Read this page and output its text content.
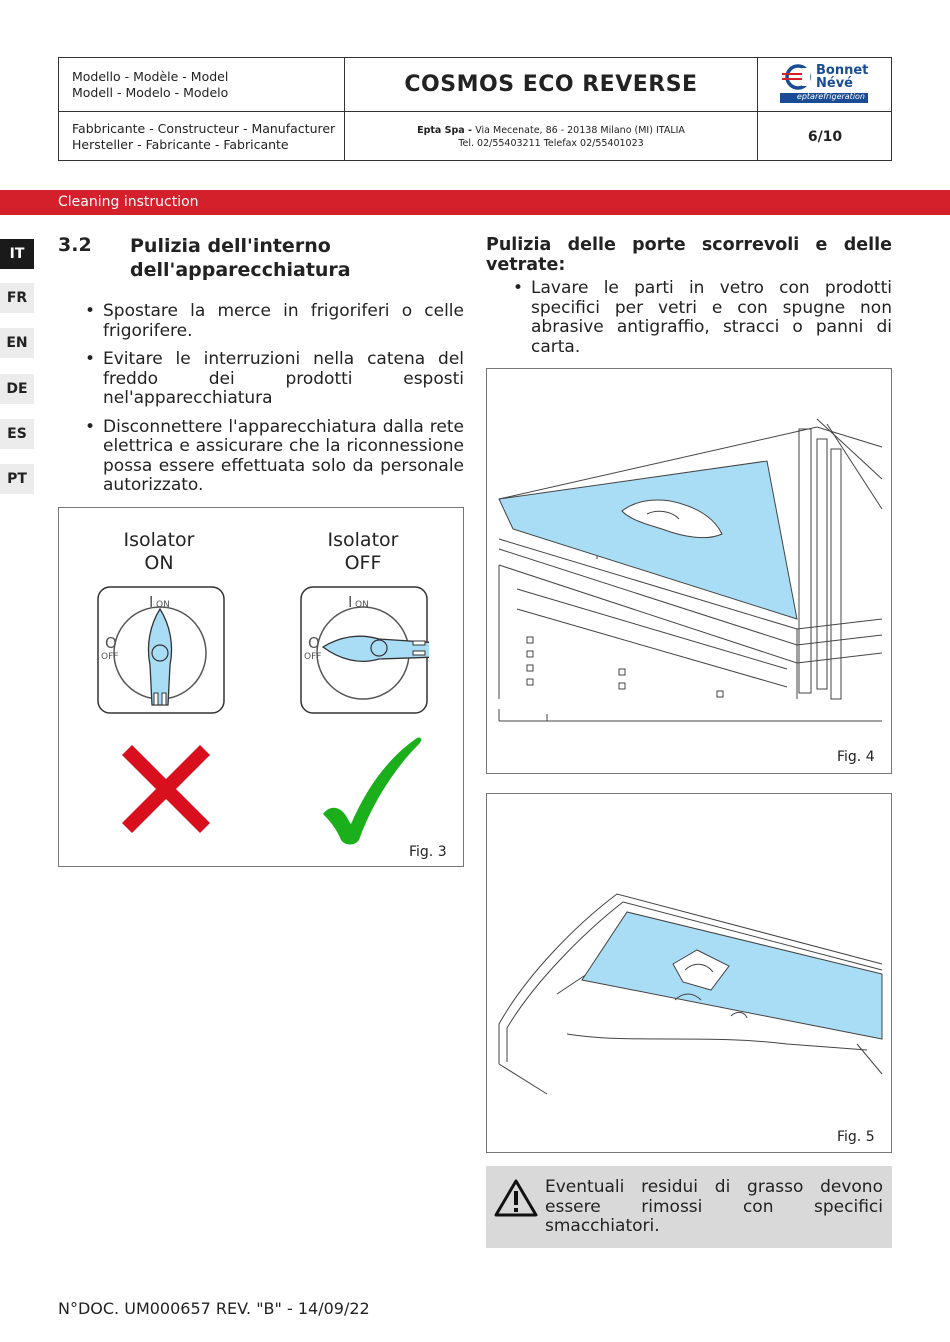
Modello - Modèle - Model
Modell - Modelo - Modelo	COSMOS ECO REVERSE
Fabbricante - Constructeur - Manufacturer
Hersteller - Fabricante - Fabricante
Epta Spa - Via Mecenate, 86 - 20138 Milano (MI) ITALIA
Tel. 02/55403211 Telefax 02/55401023	6/10
Bonnet
Névé
eptarefrigeration
Cleaning instruction
IT
FR
EN
DE
ES
PT
3.2 Pulizia dell'interno dell'apparecchiatura
• Spostare la merce in frigoriferi o celle frigorifere.
• Evitare le interruzioni nella catena del freddo dei prodotti esposti nel'apparecchiatura
• Disconnettere l'apparecchiatura dalla rete elettrica e assicurare che la riconnessione possa essere effettuata solo da personale autorizzato.
Isolator
ON
Isolator
OFF
I ON
O
OFF
I ON
O
OFF
Fig. 3
Pulizia delle porte scorrevoli e delle vetrate:
• Lavare le parti in vetro con prodotti specifici per vetri e con spugne non abrasive antigraffio, stracci o panni di carta.
Fig. 4
Fig. 5
Eventuali residui di grasso devono essere rimossi con specifici smacchiatori.
N°DOC. UM000657 REV. "B" - 14/09/22
